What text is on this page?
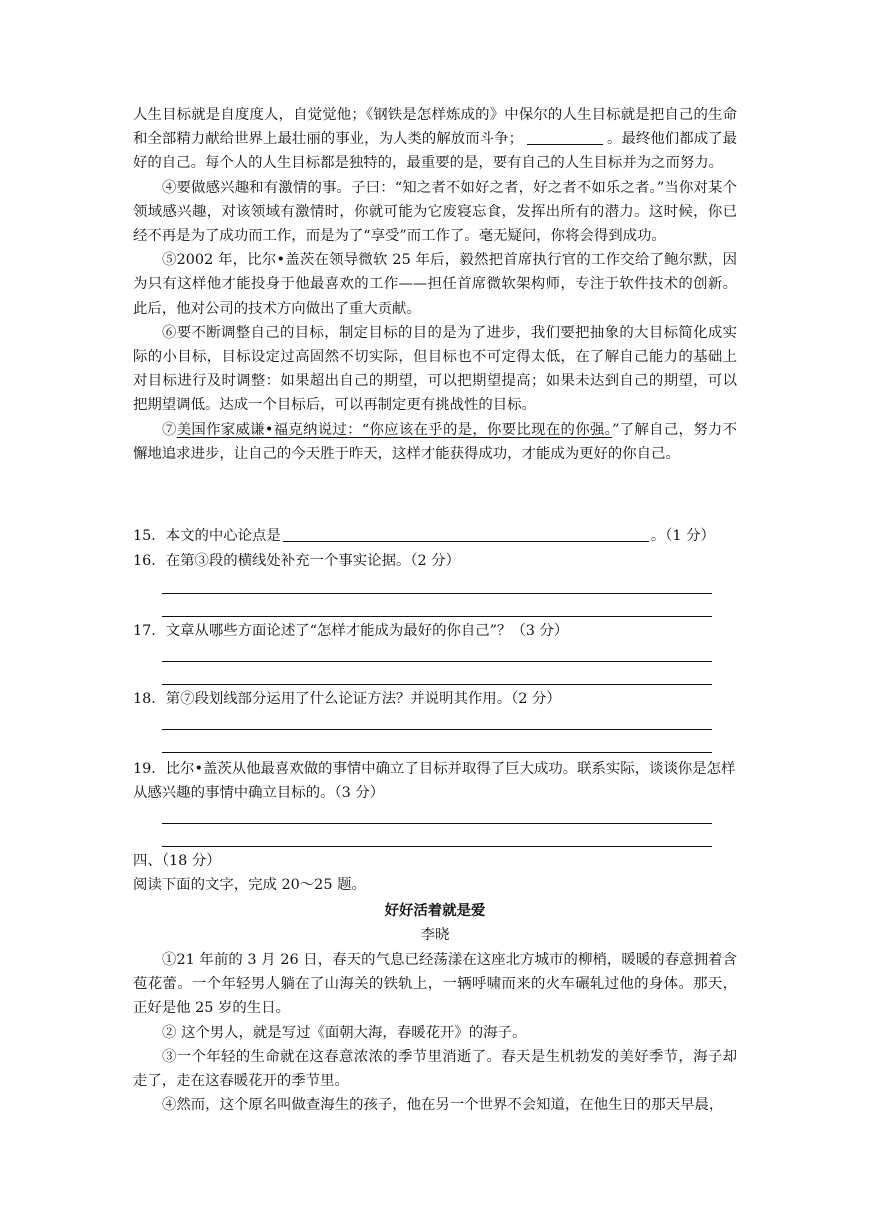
人生目标就是自度度人，自觉觉他；《钢铁是怎样炼成的》中保尔的人生目标就是把自己的生命和全部精力献给世界上最壮丽的事业，为人类的解放而斗争；	。最终他们都成了最好的自己。每个人的人生目标都是独特的，最重要的是，要有自己的人生目标并为之而努力。

④要做感兴趣和有激情的事。子曰：“知之者不如好之者，好之者不如乐之者。”当你对某个领域感兴趣，对该领域有激情时，你就可能为它废寝忘食，发挥出所有的潜力。这时候，你已经不再是为了成功而工作，而是为了“享受”而工作了。毫无疑问，你将会得到成功。

⑤2002 年，比尔•盖茨在领导微软 25 年后，毅然把首席执行官的工作交给了鲍尔默，因为只有这样他才能投身于他最喜欢的工作——担任首席微软架构师，专注于软件技术的创新。此后，他对公司的技术方向做出了重大贡献。

⑥要不断调整自己的目标，制定目标的目的是为了进步，我们要把抽象的大目标简化成实际的小目标，目标设定过高固然不切实际，但目标也不可定得太低，在了解自己能力的基础上对目标进行及时调整：如果超出自己的期望，可以把期望提高；如果未达到自己的期望，可以把期望调低。达成一个目标后，可以再制定更有挑战性的目标。

⑦美国作家威谦•福克纳说过：“你应该在乎的是，你要比现在的你强。”了解自己，努力不懈地追求进步，让自己的今天胜于昨天，这样才能获得成功，才能成为更好的你自己。

15．本文的中心论点是	。（1 分）

16．在第③段的横线处补充一个事实论据。（2 分）

17．文章从哪些方面论述了“怎样才能成为最好的你自己”？（3 分）

18．第⑦段划线部分运用了什么论证方法？并说明其作用。（2 分）

19．比尔•盖茨从他最喜欢做的事情中确立了目标并取得了巨大成功。联系实际，谈谈你是怎样从感兴趣的事情中确立目标的。（3 分）

四、（18 分）

阅读下面的文字，完成 20～25 题。

好好活着就是爱

李晓

①21 年前的 3 月 26 日，春天的气息已经荡漾在这座北方城市的柳梢，暖暖的春意拥着含苞花蕾。一个年轻男人躺在了山海关的铁轨上，一辆呼啸而来的火车碾轧过他的身体。那天，正好是他 25 岁的生日。

② 这个男人，就是写过《面朝大海，春暖花开》的海子。

③一个年轻的生命就在这春意浓浓的季节里消逝了。春天是生机勃发的美好季节，海子却走了，走在这春暖花开的季节里。

④然而，这个原名叫做查海生的孩子，他在另一个世界不会知道，在他生日的那天早晨，
